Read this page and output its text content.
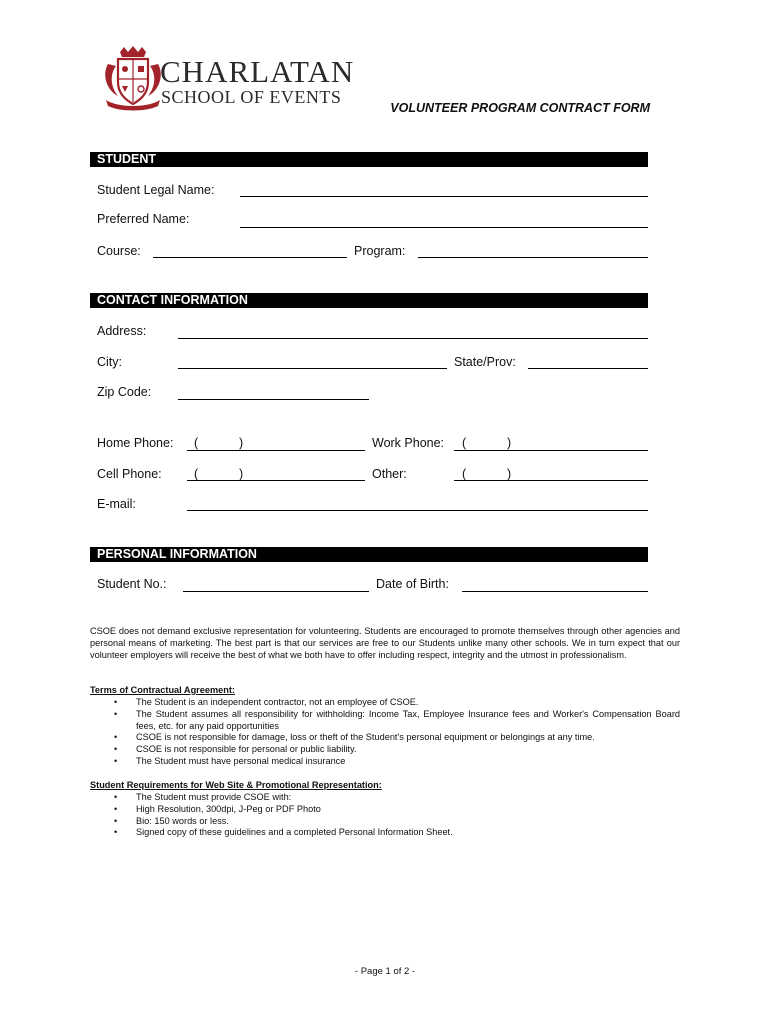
CHARLATAN
SCHOOL OF EVENTS
VOLUNTEER PROGRAM CONTRACT FORM
STUDENT
Student Legal Name:
Preferred Name:
Course:	Program:
CONTACT INFORMATION
Address:
City:	State/Prov:
Zip Code:
Home Phone: (	)	Work Phone: (	)
Cell Phone:	(	)	Other:	(	)
E-mail:
PERSONAL INFORMATION
Student No.:	Date of Birth:
CSOE does not demand exclusive representation for volunteering. Students are encouraged to promote themselves through other agencies and personal means of marketing. The best part is that our services are free to our Students unlike many other schools. We in turn expect that our volunteer employers will receive the best of what we both have to offer including respect, integrity and the utmost in professionalism.
Terms of Contractual Agreement:
• The Student is an independent contractor, not an employee of CSOE.
• The Student assumes all responsibility for withholding: Income Tax, Employee Insurance fees and Worker's Compensation Board fees, etc. for any paid opportunities
• CSOE is not responsible for damage, loss or theft of the Student's personal equipment or belongings at any time.
• CSOE is not responsible for personal or public liability.
• The Student must have personal medical insurance
Student Requirements for Web Site & Promotional Representation:
• The Student must provide CSOE with:
• High Resolution, 300dpi, J-Peg or PDF Photo
• Bio: 150 words or less.
• Signed copy of these guidelines and a completed Personal Information Sheet.
- Page 1 of 2 -
